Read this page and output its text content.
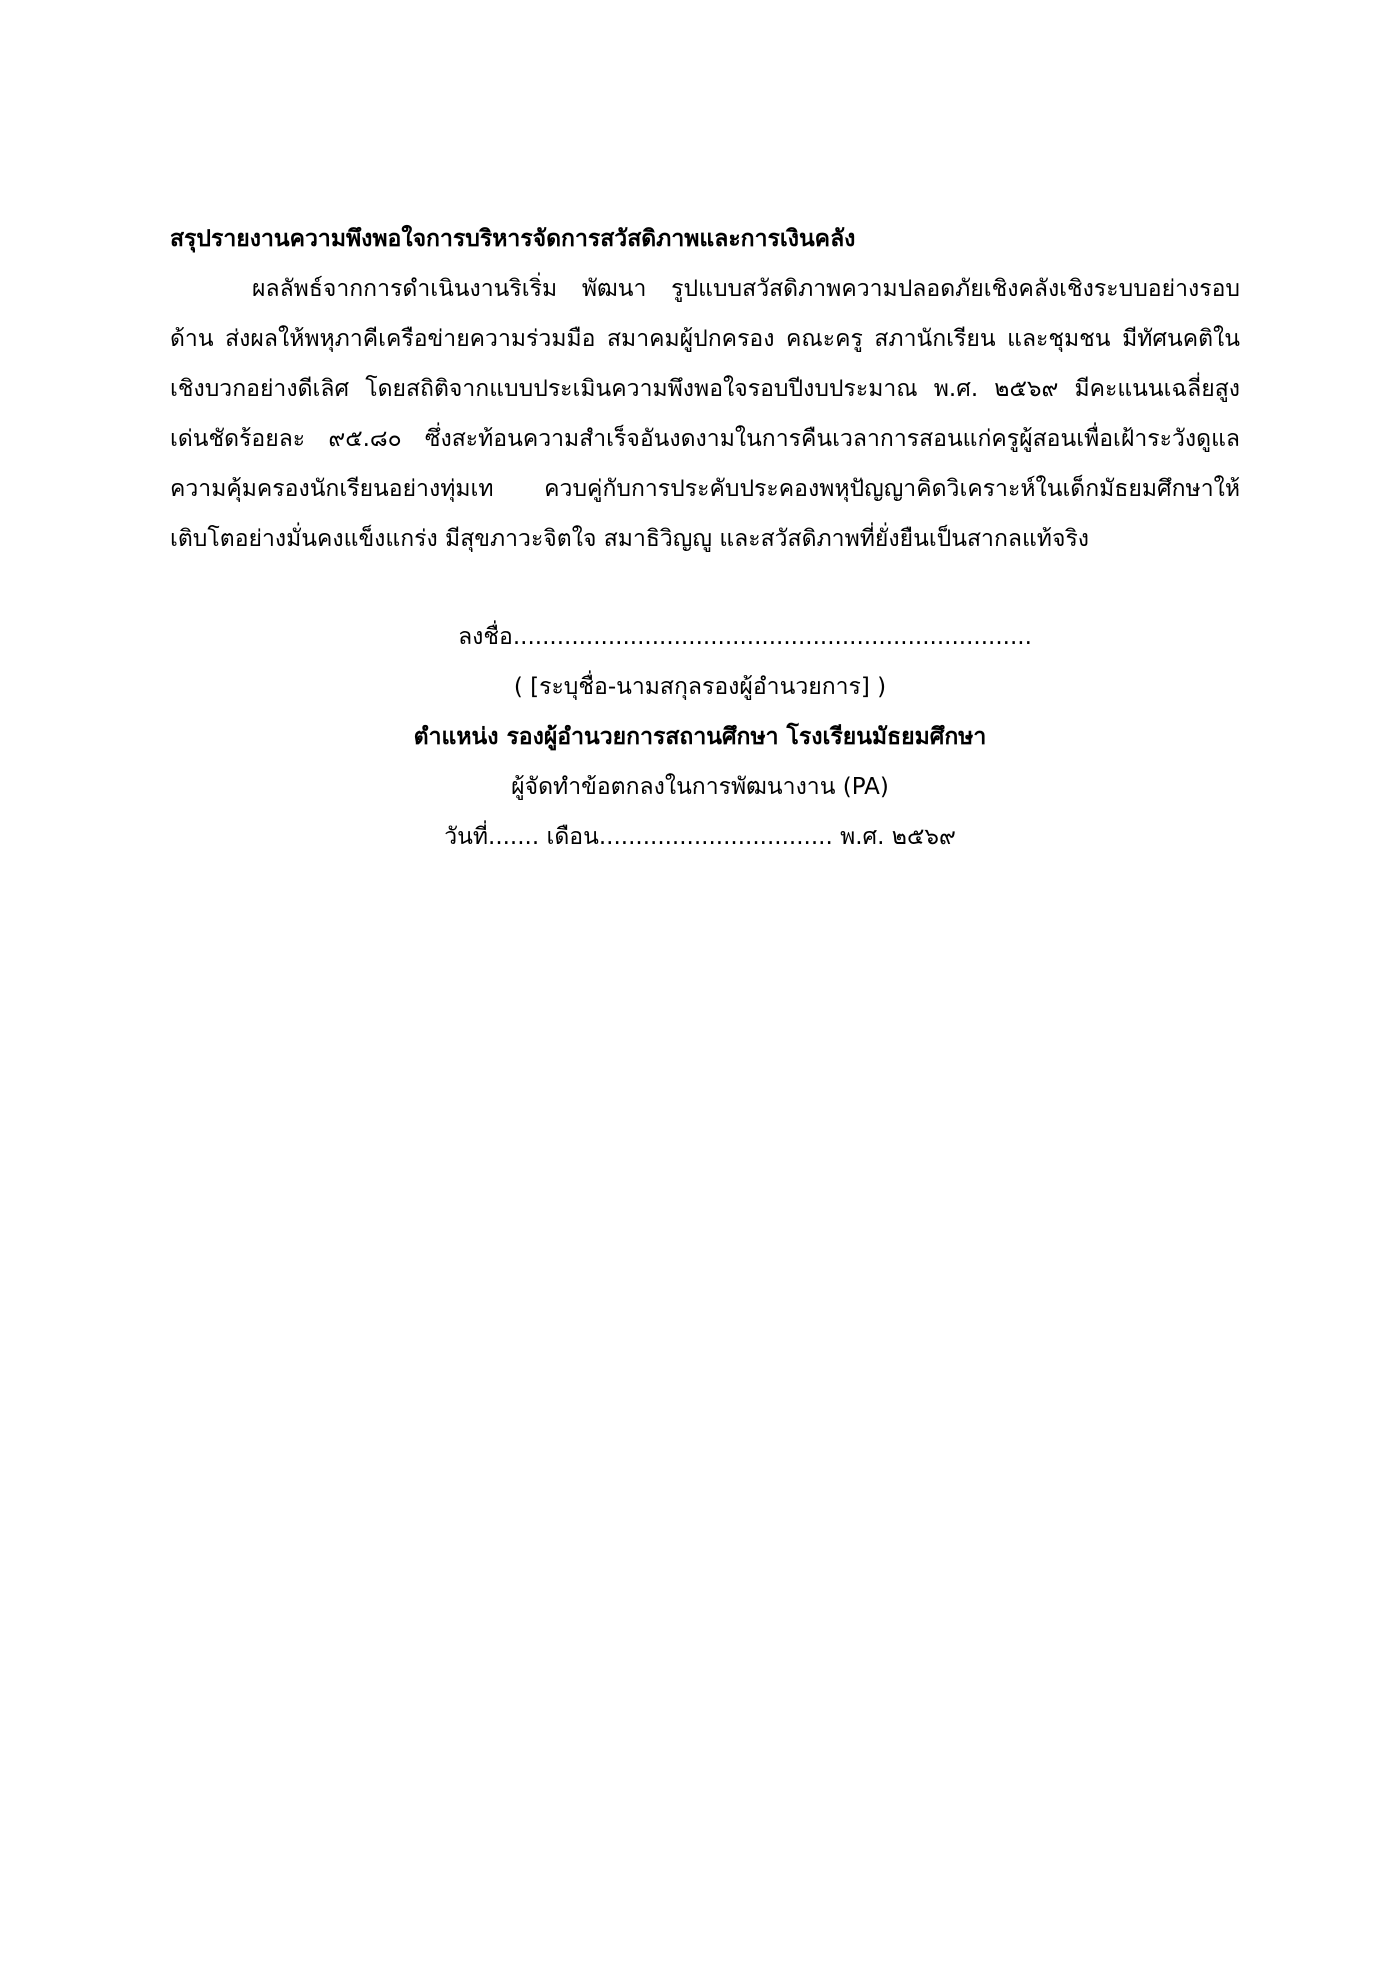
สรุปรายงานความพึงพอใจการบริหารจัดการสวัสดิภาพและการเงินคลัง
ผลลัพธ์จากการดำเนินงานริเริ่ม พัฒนา รูปแบบสวัสดิภาพความปลอดภัยเชิงคลังเชิงระบบอย่างรอบ
ด้าน ส่งผลให้พหุภาคีเครือข่ายความร่วมมือ สมาคมผู้ปกครอง คณะครู สภานักเรียน และชุมชน มีทัศนคติใน
เชิงบวกอย่างดีเลิศ โดยสถิติจากแบบประเมินความพึงพอใจรอบปีงบประมาณ พ.ศ. ๒๕๖๙ มีคะแนนเฉลี่ยสูง
เด่นชัดร้อยละ ๙๕.๘๐ ซึ่งสะท้อนความสำเร็จอันงดงามในการคืนเวลาการสอนแก่ครูผู้สอนเพื่อเฝ้าระวังดูแล
ความคุ้มครองนักเรียนอย่างทุ่มเท ควบคู่กับการประคับประคองพหุปัญญาคิดวิเคราะห์ในเด็กมัธยมศึกษาให้
เติบโตอย่างมั่นคงแข็งแกร่ง มีสุขภาวะจิตใจ สมาธิวิญญู และสวัสดิภาพที่ยั่งยืนเป็นสากลแท้จริง
ลงชื่อ.......................................................................
( [ระบุชื่อ-นามสกุลรองผู้อำนวยการ] )
ตำแหน่ง รองผู้อำนวยการสถานศึกษา โรงเรียนมัธยมศึกษา
ผู้จัดทำข้อตกลงในการพัฒนางาน (PA)
วันที่....... เดือน................................ พ.ศ. ๒๕๖๙
